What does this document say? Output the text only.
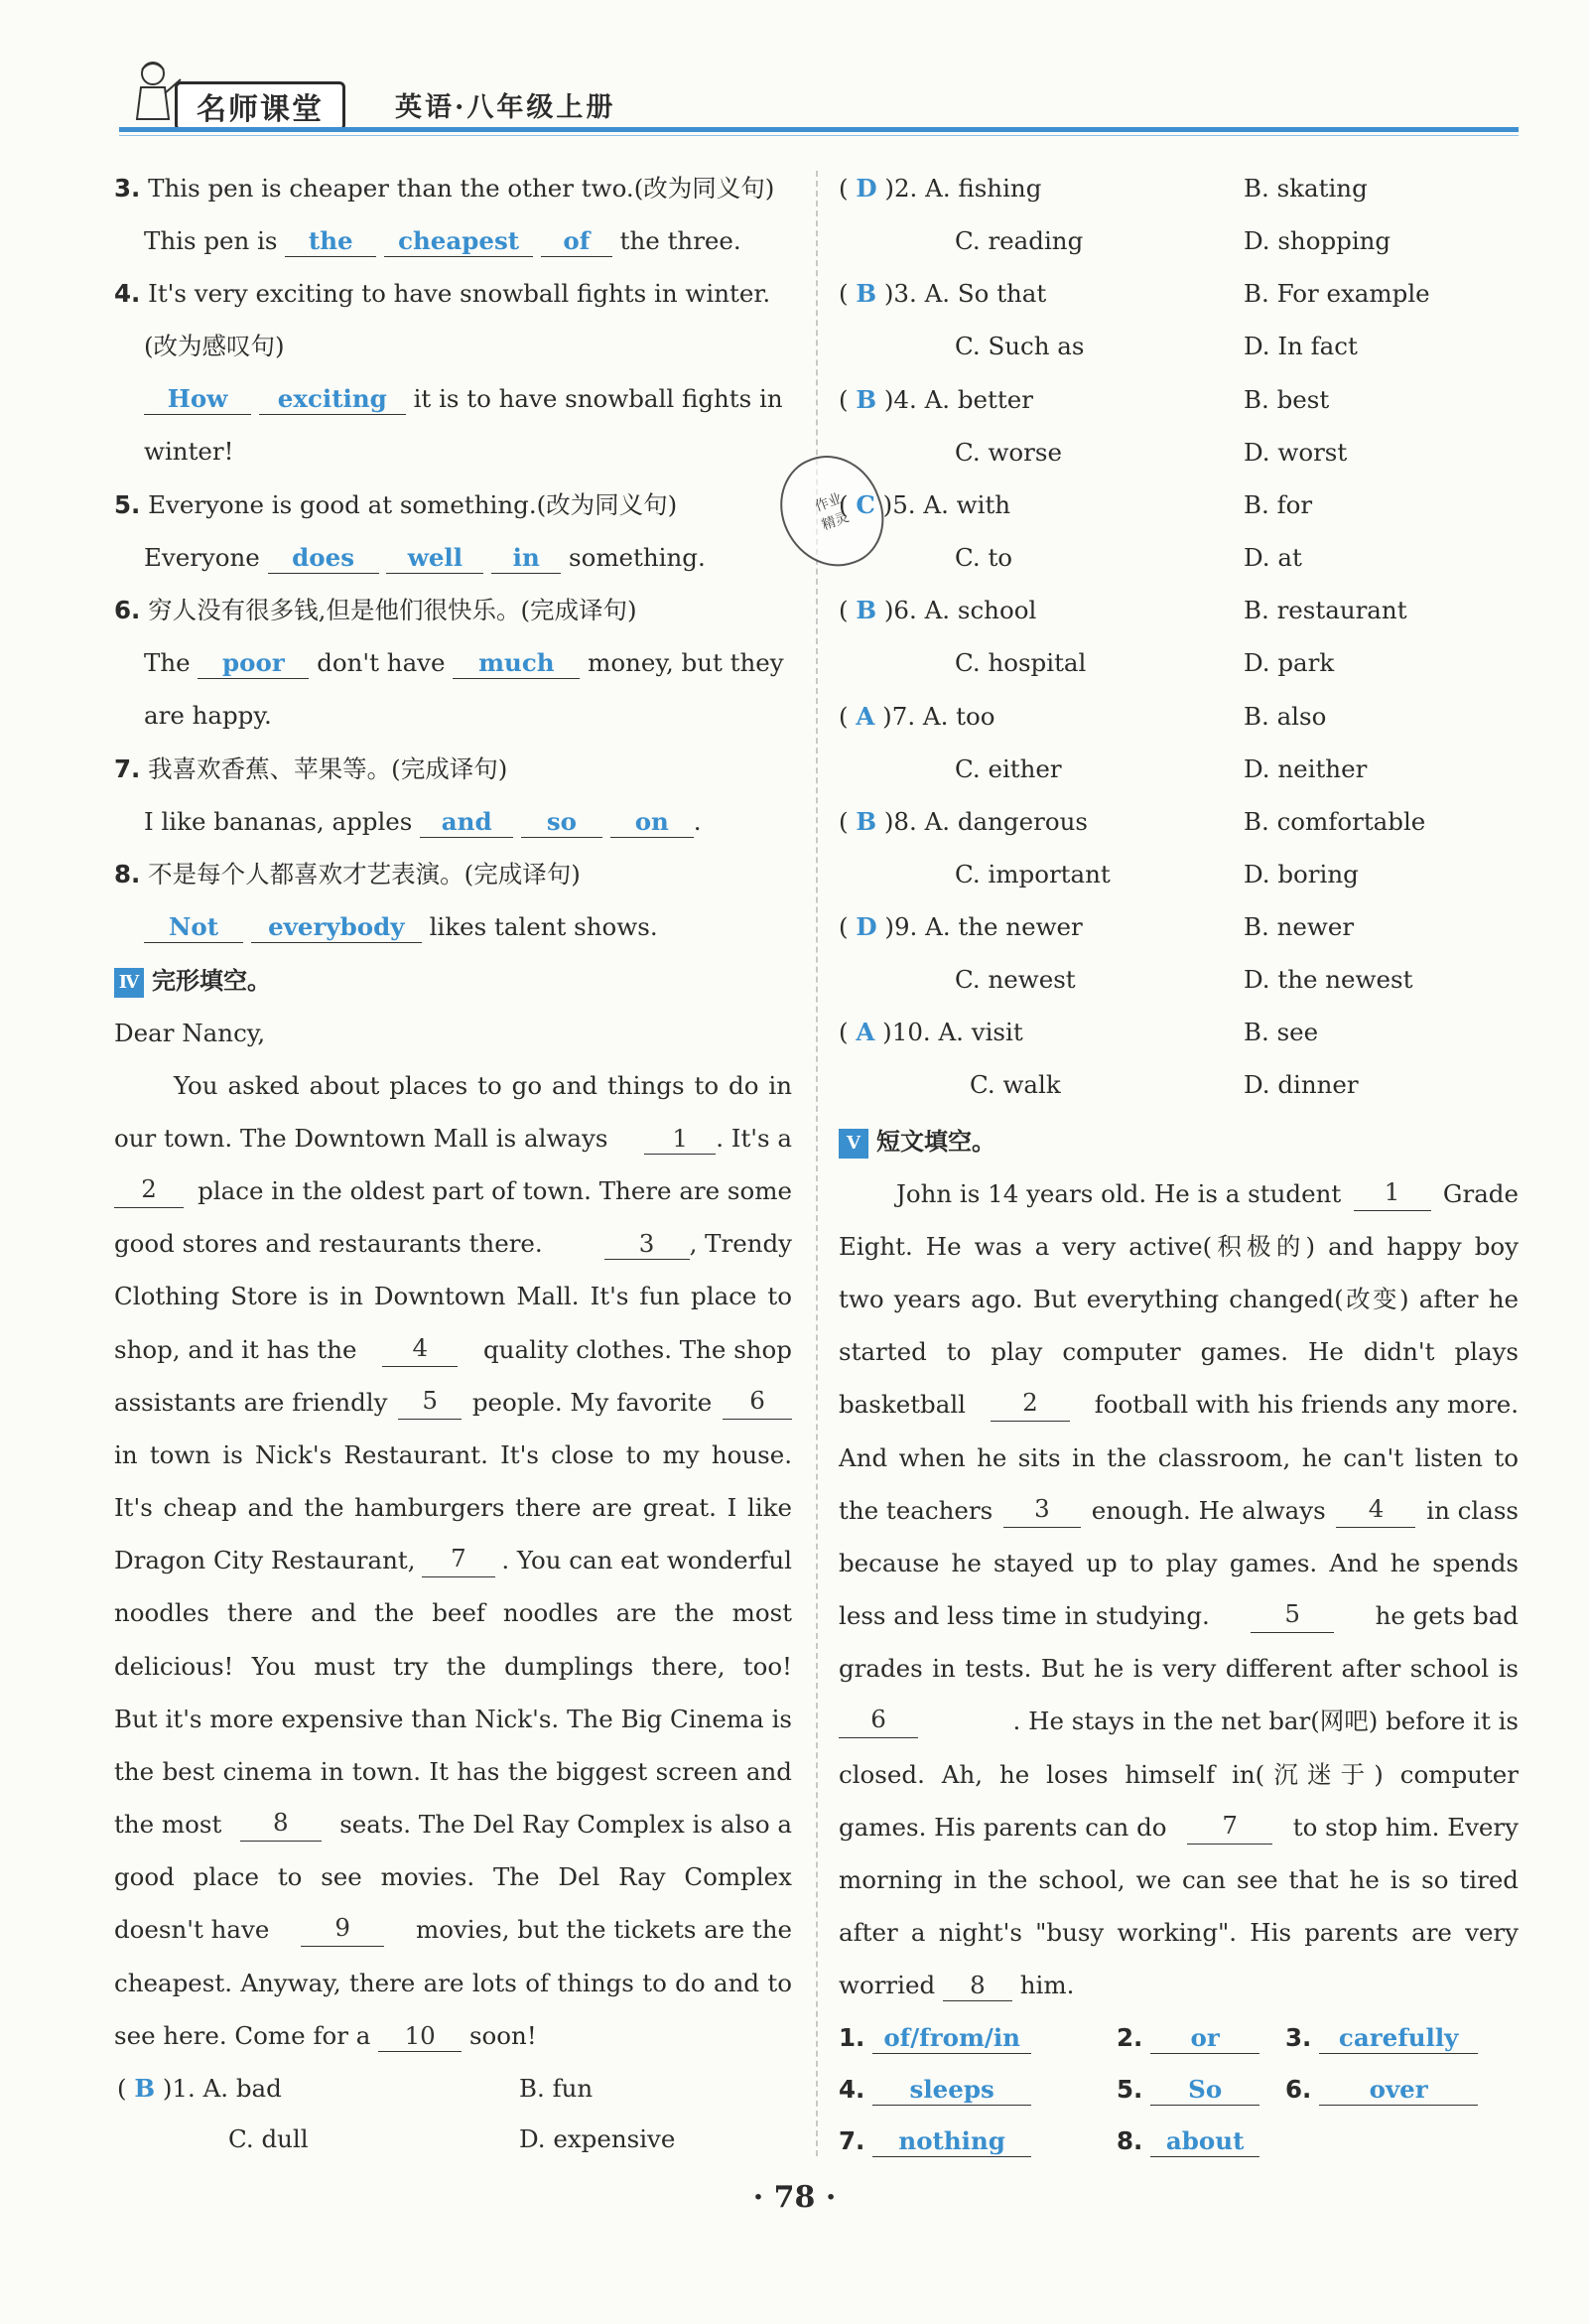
名师课堂	英语·八年级上册
3. This pen is cheaper than the other two.(改为同义句)
This pen is the cheapest of the three.
4. It's very exciting to have snowball fights in winter.
(改为感叹句)
How exciting it is to have snowball fights in
winter!
5. Everyone is good at something.(改为同义句)
Everyone does well in something.
6. 穷人没有很多钱,但是他们很快乐。(完成译句)
The poor don't have much money, but they
are happy.
7. 我喜欢香蕉、苹果等。(完成译句)
I like bananas, apples and so on .
8. 不是每个人都喜欢才艺表演。(完成译句)
Not everybody likes talent shows.
Ⅳ 完形填空。
Dear Nancy,
You asked about places to go and things to do in
our town. The Downtown Mall is always	1 . It's a
2	place in the oldest part of town. There are some
good stores and restaurants there.	3 , Trendy
Clothing Store is in Downtown Mall. It's fun place to
shop, and it has the	4	quality clothes. The shop
assistants are friendly	5	people. My favorite	6
in town is Nick's Restaurant. It's close to my house.
It's cheap and the hamburgers there are great. I like
Dragon City Restaurant,	7	. You can eat wonderful
noodles there and the beef noodles are the most
delicious! You must try the dumplings there, too!
But it's more expensive than Nick's. The Big Cinema is
the best cinema in town. It has the biggest screen and
the most	8	seats. The Del Ray Complex is also a
good place to see movies. The Del Ray Complex
doesn't have	9	movies, but the tickets are the
cheapest. Anyway, there are lots of things to do and to
see here. Come for a 10 soon!
( B )1. A. bad	B. fun
C. dull	D. expensive
作业
精灵
( D )2. A. fishing	B. skating
C. reading	D. shopping
( B )3. A. So that	B. For example
C. Such as	D. In fact
( B )4. A. better	B. best
C. worse	D. worst
( C )5. A. with	B. for
C. to	D. at
( B )6. A. school	B. restaurant
C. hospital	D. park
( A )7. A. too	B. also
C. either	D. neither
( B )8. A. dangerous	B. comfortable
C. important	D. boring
( D )9. A. the newer	B. newer
C. newest	D. the newest
( A )10. A. visit	B. see
C. walk	D. dinner
Ⅴ 短文填空。
John is 14 years old. He is a student	1	Grade
Eight. He was a very active(积极的) and happy boy
two years ago. But everything changed(改变) after he
started to play computer games. He didn't plays
basketball	2	football with his friends any more.
And when he sits in the classroom, he can't listen to
the teachers	3	enough. He always	4	in class
because he stayed up to play games. And he spends
less and less time in studying.	5	he gets bad
grades in tests. But he is very different after school is
6	. He stays in the net bar(网吧) before it is
closed. Ah, he loses himself in(沉迷于) computer
games. His parents can do	7	to stop him. Every
morning in the school, we can see that he is so tired
after a night's "busy working". His parents are very
worried 8 him.
1. of/from/in	2. or	3. carefully
4. sleeps	5. So	6. over
7. nothing	8. about
· 78 ·
